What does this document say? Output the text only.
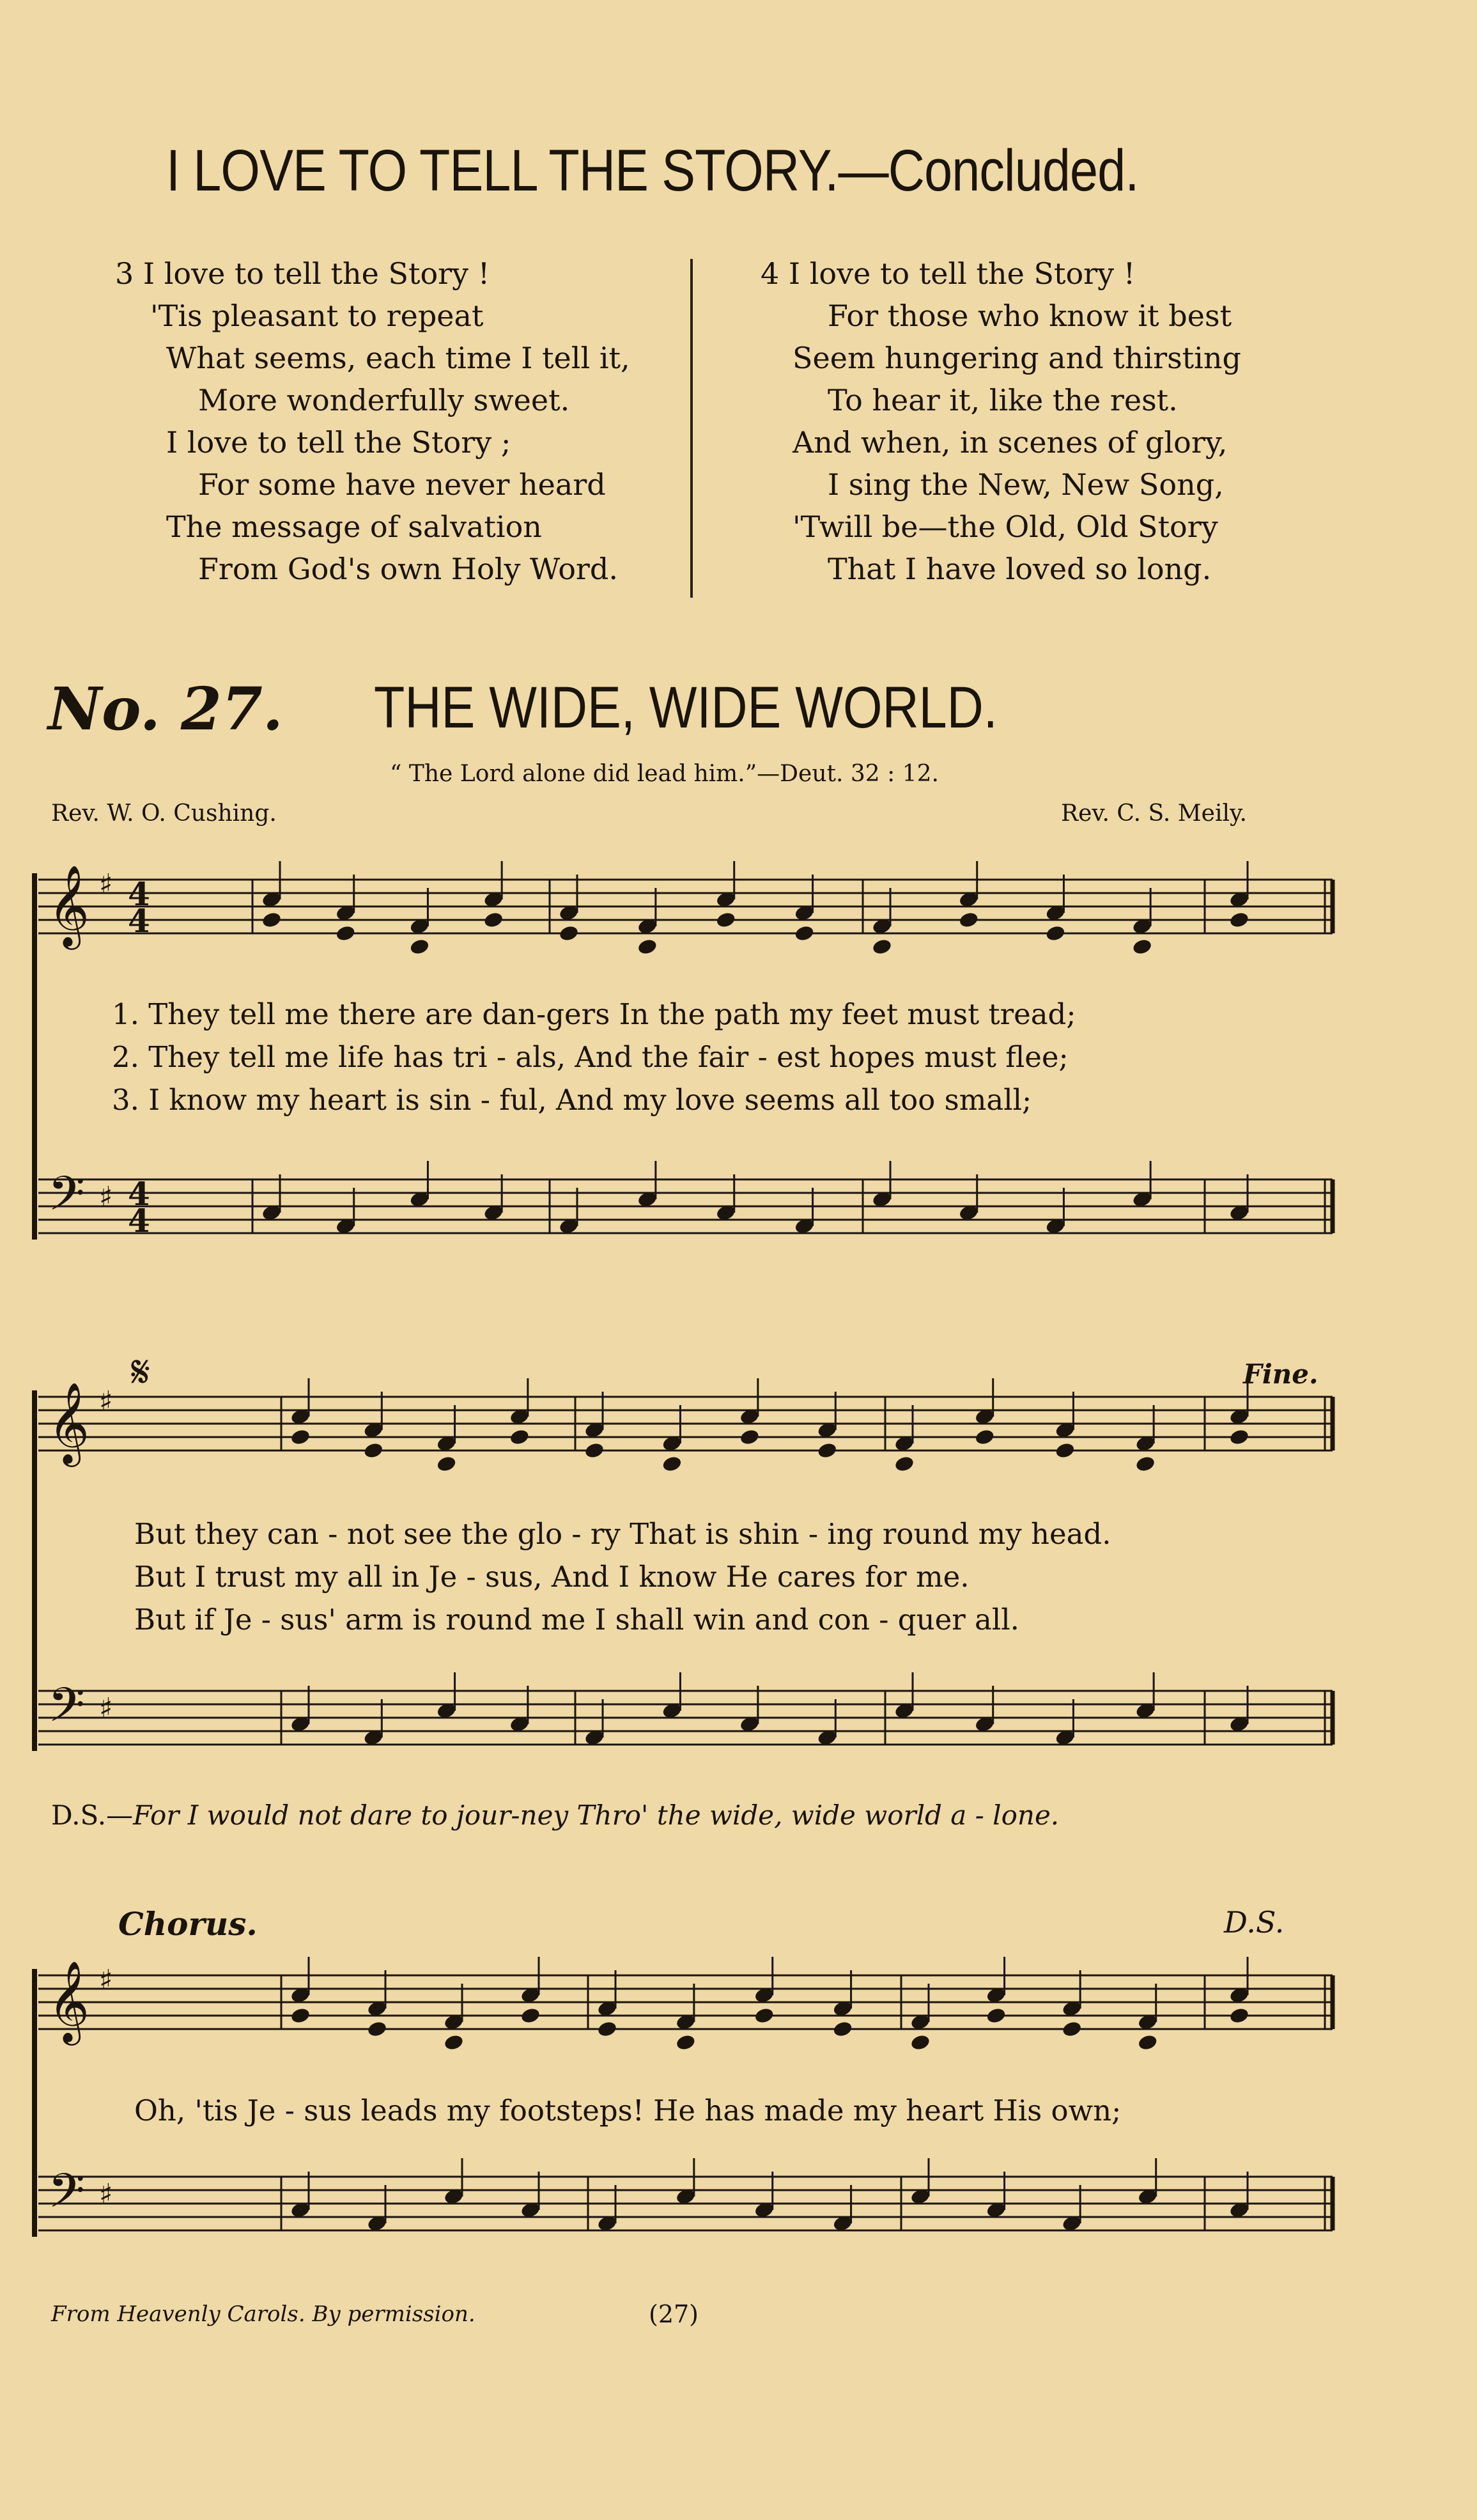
I LOVE TO TELL THE STORY.—Concluded.
3 I love to tell the Story !
'Tis pleasant to repeat
What seems, each time I tell it,
More wonderfully sweet.
I love to tell the Story ;
For some have never heard
The message of salvation
From God's own Holy Word.
4 I love to tell the Story !
For those who know it best
Seem hungering and thirsting
To hear it, like the rest.
And when, in scenes of glory,
I sing the New, New Song,
'Twill be—the Old, Old Story
That I have loved so long.
No. 27. THE WIDE, WIDE WORLD.
“ The Lord alone did lead him.”—Deut. 32 : 12.
Rev. W. O. Cushing.	Rev. C. S. Meily.
𝄞
𝄢
♯
♯
4
4
4
4
𝄞
𝄢
♯
♯
𝄞
𝄢
♯
♯
𝄋
1. They tell me there are dan-gers In the path my feet must tread;
2. They tell me life has tri - als, And the fair - est hopes must flee;
3. I know my heart is sin - ful, And my love seems all too small;
Fine.
But they can - not see the glo - ry That is shin - ing round my head.
But I trust my all in Je - sus, And I know He cares for me.
But if Je - sus' arm is round me I shall win and con - quer all.
D.S.—For I would not dare to jour-ney Thro' the wide, wide world a - lone.
Chorus.	D.S.
Oh, 'tis Je - sus leads my footsteps! He has made my heart His own;
From Heavenly Carols. By permission.	(27)
